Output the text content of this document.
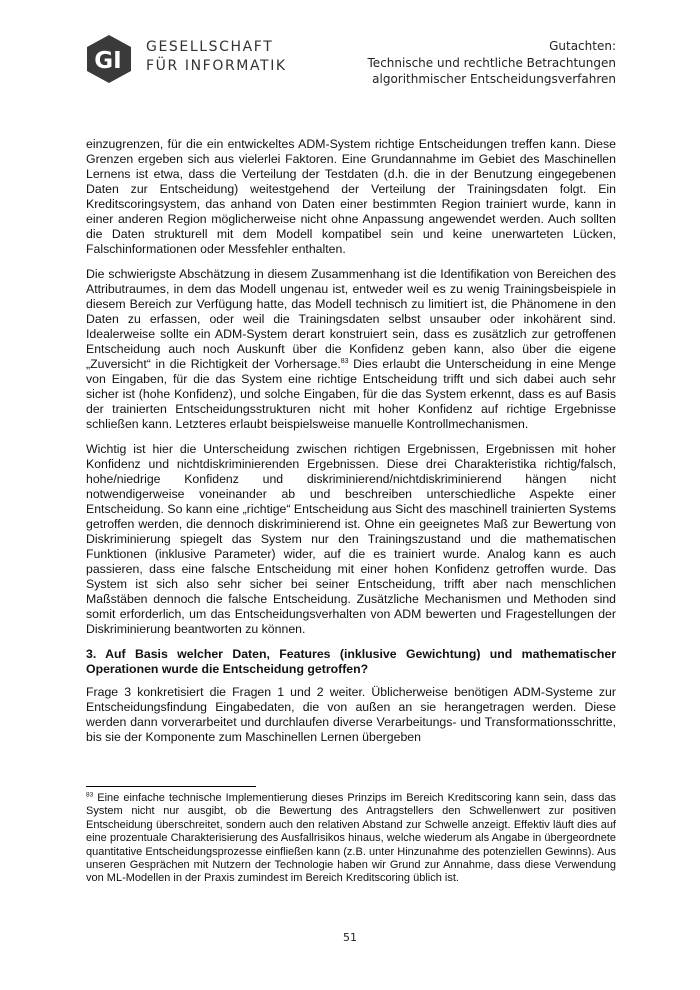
GI
GESELLSCHAFT
FÜR INFORMATIK
Gutachten:
Technische und rechtliche Betrachtungen
algorithmischer Entscheidungsverfahren

einzugrenzen, für die ein entwickeltes ADM-System richtige Entscheidungen treffen kann. Diese Grenzen ergeben sich aus vielerlei Faktoren. Eine Grundannahme im Gebiet des Maschinellen Lernens ist etwa, dass die Verteilung der Testdaten (d.h. die in der Benutzung eingegebenen Daten zur Entscheidung) weitestgehend der Verteilung der Trainingsdaten folgt. Ein Kreditscoringsystem, das anhand von Daten einer bestimmten Region trainiert wurde, kann in einer anderen Region möglicherweise nicht ohne Anpassung angewendet werden. Auch sollten die Daten strukturell mit dem Modell kompatibel sein und keine unerwarteten Lücken, Falschinformationen oder Messfehler enthalten.

Die schwierigste Abschätzung in diesem Zusammenhang ist die Identifikation von Bereichen des Attributraumes, in dem das Modell ungenau ist, entweder weil es zu wenig Trainingsbeispiele in diesem Bereich zur Verfügung hatte, das Modell technisch zu limitiert ist, die Phänomene in den Daten zu erfassen, oder weil die Trainingsdaten selbst unsauber oder inkohärent sind. Idealerweise sollte ein ADM-System derart konstruiert sein, dass es zusätzlich zur getroffenen Entscheidung auch noch Auskunft über die Konfidenz geben kann, also über die eigene „Zuversicht“ in die Richtigkeit der Vorhersage.$^{83}$ Dies erlaubt die Unterscheidung in eine Menge von Eingaben, für die das System eine richtige Entscheidung trifft und sich dabei auch sehr sicher ist (hohe Konfidenz), und solche Eingaben, für die das System erkennt, dass es auf Basis der trainierten Entscheidungsstrukturen nicht mit hoher Konfidenz auf richtige Ergebnisse schließen kann. Letzteres erlaubt beispielsweise manuelle Kontrollmechanismen.

Wichtig ist hier die Unterscheidung zwischen richtigen Ergebnissen, Ergebnissen mit hoher Konfidenz und nichtdiskriminierenden Ergebnissen. Diese drei Charakteristika richtig/falsch, hohe/niedrige Konfidenz und diskriminierend/nichtdiskriminierend hängen nicht notwendigerweise voneinander ab und beschreiben unterschiedliche Aspekte einer Entscheidung. So kann eine „richtige“ Entscheidung aus Sicht des maschinell trainierten Systems getroffen werden, die dennoch diskriminierend ist. Ohne ein geeignetes Maß zur Bewertung von Diskriminierung spiegelt das System nur den Trainingszustand und die mathematischen Funktionen (inklusive Parameter) wider, auf die es trainiert wurde. Analog kann es auch passieren, dass eine falsche Entscheidung mit einer hohen Konfidenz getroffen wurde. Das System ist sich also sehr sicher bei seiner Entscheidung, trifft aber nach menschlichen Maßstäben dennoch die falsche Entscheidung. Zusätzliche Mechanismen und Methoden sind somit erforderlich, um das Entscheidungsverhalten von ADM bewerten und Fragestellungen der Diskriminierung beantworten zu können.

3. Auf Basis welcher Daten, Features (inklusive Gewichtung) und mathematischer Operationen wurde die Entscheidung getroffen?

Frage 3 konkretisiert die Fragen 1 und 2 weiter. Üblicherweise benötigen ADM-Systeme zur Entscheidungsfindung Eingabedaten, die von außen an sie herangetragen werden. Diese werden dann vorverarbeitet und durchlaufen diverse Verarbeitungs- und Transformationsschritte, bis sie der Komponente zum Maschinellen Lernen übergeben

$^{83}$ Eine einfache technische Implementierung dieses Prinzips im Bereich Kreditscoring kann sein, dass das System nicht nur ausgibt, ob die Bewertung des Antragstellers den Schwellenwert zur positiven Entscheidung überschreitet, sondern auch den relativen Abstand zur Schwelle anzeigt. Effektiv läuft dies auf eine prozentuale Charakterisierung des Ausfallrisikos hinaus, welche wiederum als Angabe in übergeordnete quantitative Entscheidungsprozesse einfließen kann (z.B. unter Hinzunahme des potenziellen Gewinns). Aus unseren Gesprächen mit Nutzern der Technologie haben wir Grund zur Annahme, dass diese Verwendung von ML-Modellen in der Praxis zumindest im Bereich Kreditscoring üblich ist.
51
